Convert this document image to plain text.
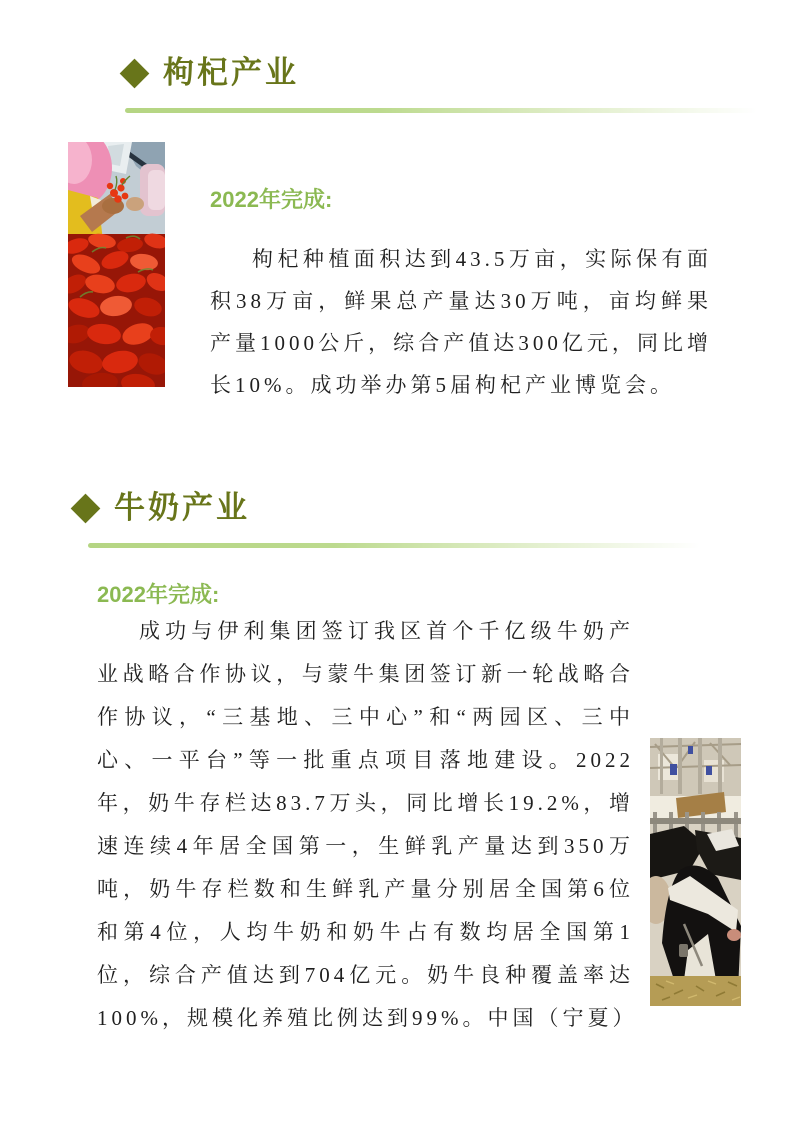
枸杞产业
2022年完成:

枸杞种植面积达到43.5万亩，实际保有面积38万亩，鲜果总产量达30万吨，亩均鲜果产量1000公斤，综合产值达300亿元，同比增长10%。成功举办第5届枸杞产业博览会。

牛奶产业
2022年完成:

成功与伊利集团签订我区首个千亿级牛奶产业战略合作协议，与蒙牛集团签订新一轮战略合作协议，“三基地、三中心”和“两园区、三中心、一平台”等一批重点项目落地建设。2022年，奶牛存栏达83.7万头，同比增长19.2%，增速连续4年居全国第一，生鲜乳产量达到350万吨，奶牛存栏数和生鲜乳产量分别居全国第6位和第4位，人均牛奶和奶牛占有数均居全国第1位，综合产值达到704亿元。奶牛良种覆盖率达100%，规模化养殖比例达到99%。中国（宁夏）
